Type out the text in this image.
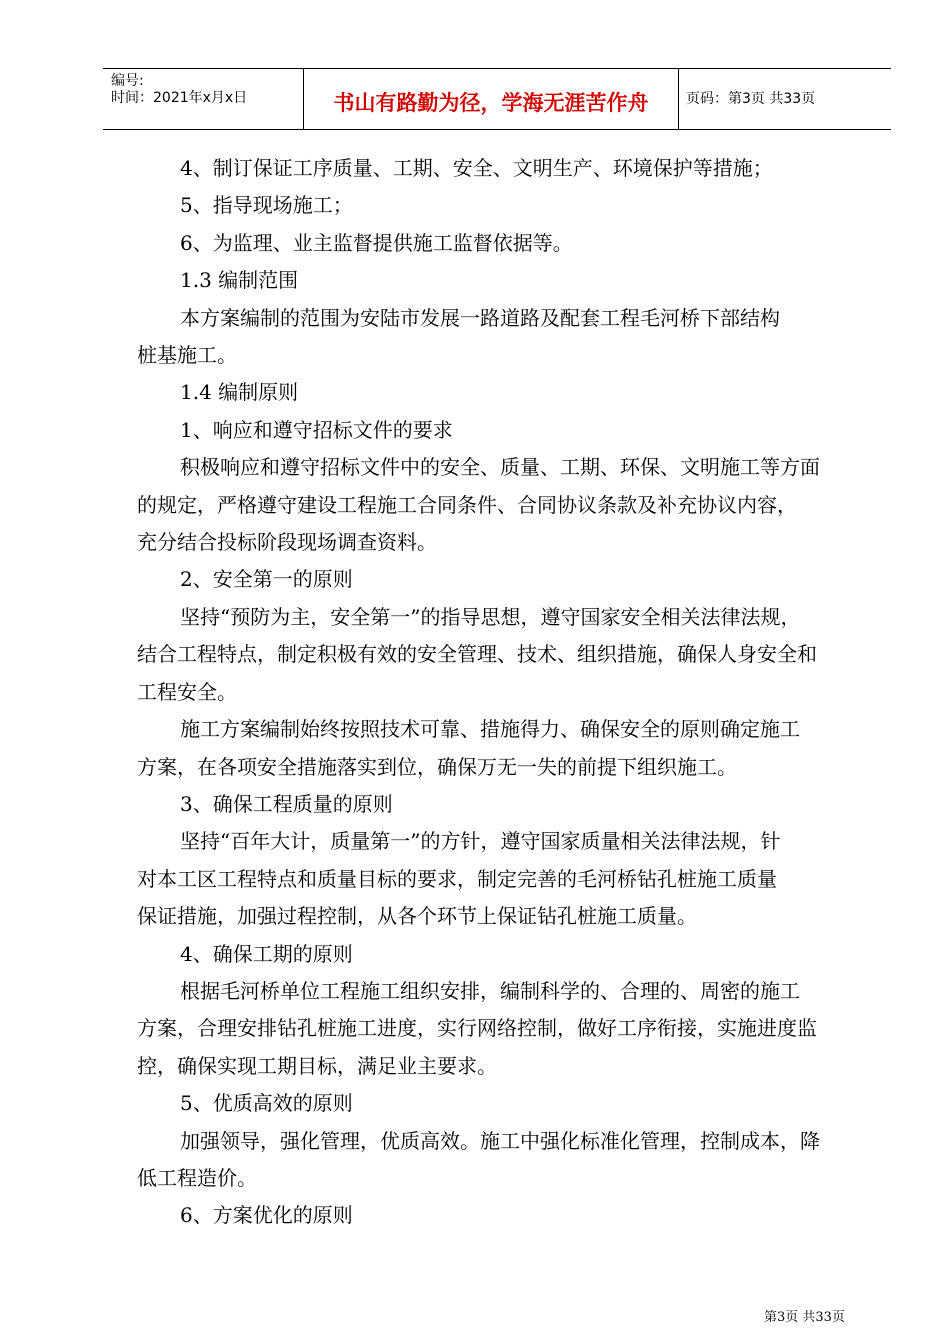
编号:
时间：2021年x月x日	书山有路勤为径，学海无涯苦作舟	页码：第3页 共33页

4、制订保证工序质量、工期、安全、文明生产、环境保护等措施；

5、指导现场施工；

6、为监理、业主监督提供施工监督依据等。

1.3 编制范围

本方案编制的范围为安陆市发展一路道路及配套工程毛河桥下部结构

桩基施工。

1.4 编制原则

1、响应和遵守招标文件的要求

积极响应和遵守招标文件中的安全、质量、工期、环保、文明施工等方面

的规定，严格遵守建设工程施工合同条件、合同协议条款及补充协议内容，

充分结合投标阶段现场调查资料。

2、安全第一的原则

坚持“预防为主，安全第一”的指导思想，遵守国家安全相关法律法规，

结合工程特点，制定积极有效的安全管理、技术、组织措施，确保人身安全和

工程安全。

施工方案编制始终按照技术可靠、措施得力、确保安全的原则确定施工

方案，在各项安全措施落实到位，确保万无一失的前提下组织施工。

3、确保工程质量的原则

坚持“百年大计，质量第一”的方针，遵守国家质量相关法律法规，针

对本工区工程特点和质量目标的要求，制定完善的毛河桥钻孔桩施工质量

保证措施，加强过程控制，从各个环节上保证钻孔桩施工质量。

4、确保工期的原则

根据毛河桥单位工程施工组织安排，编制科学的、合理的、周密的施工

方案，合理安排钻孔桩施工进度，实行网络控制，做好工序衔接，实施进度监

控，确保实现工期目标，满足业主要求。

5、优质高效的原则

加强领导，强化管理，优质高效。施工中强化标准化管理，控制成本，降

低工程造价。

6、方案优化的原则

第3页 共33页
